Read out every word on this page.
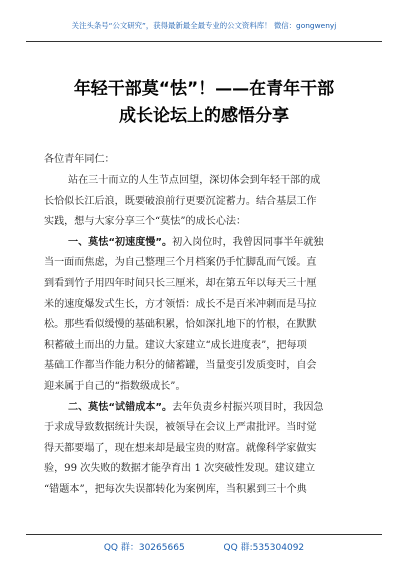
关注头条号“公文研究”，获得最新最全最专业的公文资料库！ 微信：gongwenyj
年轻干部莫“怯”！——在青年干部
成长论坛上的感悟分享
各位青年同仁：
站在三十而立的人生节点回望，深切体会到年轻干部的成
长恰似长江后浪，既要破浪前行更要沉淀蓄力。结合基层工作
实践，想与大家分享三个“莫怯”的成长心法：
一、莫怯“初速度慢”。初入岗位时，我曾因同事半年就独
当一面而焦虑，为自己整理三个月档案仍手忙脚乱而气馁。直
到看到竹子用四年时间只长三厘米，却在第五年以每天三十厘
米的速度爆发式生长，方才领悟：成长不是百米冲刺而是马拉
松。那些看似缓慢的基础积累，恰如深扎地下的竹根，在默默
积蓄破土而出的力量。建议大家建立“成长进度表”，把每项
基础工作都当作能力积分的储蓄罐，当量变引发质变时，自会
迎来属于自己的“指数级成长”。
二、莫怯“试错成本”。去年负责乡村振兴项目时，我因急
于求成导致数据统计失误，被领导在会议上严肃批评。当时觉
得天都要塌了，现在想来却是最宝贵的财富。就像科学家做实
验，99 次失败的数据才能孕育出 1 次突破性发现。建议建立
“错题本”，把每次失误都转化为案例库，当积累到三十个典
QQ 群：30265665	QQ 群:535304092
